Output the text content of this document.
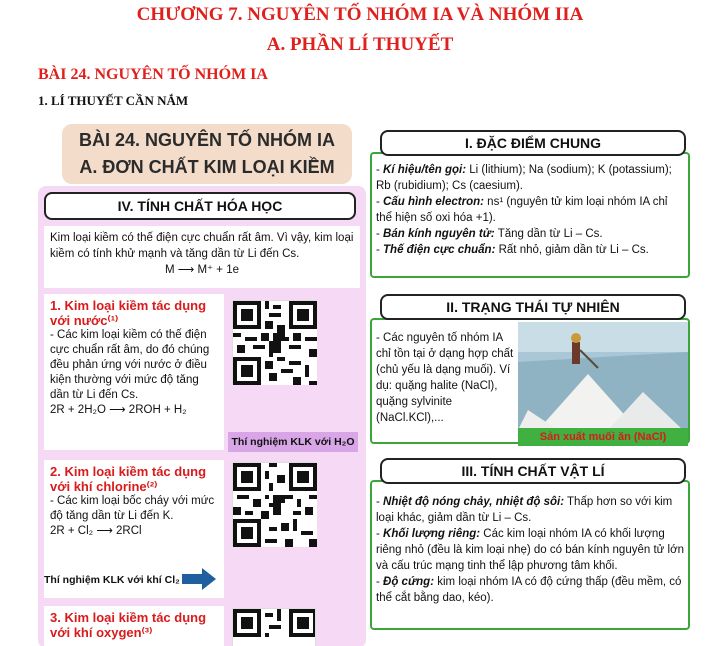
CHƯƠNG 7. NGUYÊN TỐ NHÓM IA VÀ NHÓM IIA
A. PHẦN LÍ THUYẾT
BÀI 24. NGUYÊN TỐ NHÓM IA
1. LÍ THUYẾT CẦN NẮM
BÀI 24. NGUYÊN TỐ NHÓM IA
A. ĐƠN CHẤT KIM LOẠI KIỀM
IV. TÍNH CHẤT HÓA HỌC
Kim loại kiềm có thế điện cực chuẩn rất âm. Vì vậy, kim loại kiềm có tính khử mạnh và tăng dần từ Li đến Cs.
M ⟶ M⁺ + 1e
1. Kim loại kiềm tác dụng với nước⁽¹⁾
- Các kim loại kiềm có thế điện cực chuẩn rất âm, do đó chúng đều phản ứng với nước ở điều kiện thường với mức độ tăng dần từ Li đến Cs.
2R + 2H₂O ⟶ 2ROH + H₂
Thí nghiệm KLK với H₂O
2. Kim loại kiềm tác dụng với khí chlorine⁽²⁾
- Các kim loại bốc cháy với mức độ tăng dần từ Li đến K.
2R + Cl₂ ⟶ 2RCl
Thí nghiệm KLK với khí Cl₂
3. Kim loại kiềm tác dụng với khí oxygen⁽³⁾
I. ĐẶC ĐIỂM CHUNG
- Kí hiệu/tên gọi: Li (lithium); Na (sodium); K (potassium); Rb (rubidium); Cs (caesium).
- Cấu hình electron: ns¹ (nguyên tử kim loại nhóm IA chỉ thể hiện số oxi hóa +1).
- Bán kính nguyên tử: Tăng dần từ Li – Cs.
- Thế điện cực chuẩn: Rất nhỏ, giảm dần từ Li – Cs.
II. TRẠNG THÁI TỰ NHIÊN
- Các nguyên tố nhóm IA chỉ tồn tại ở dạng hợp chất (chủ yếu là dạng muối). Ví dụ: quặng halite (NaCl), quặng sylvinite (NaCl.KCl),...
Sản xuất muối ăn (NaCl)
III. TÍNH CHẤT VẬT LÍ
- Nhiệt độ nóng chảy, nhiệt độ sôi: Thấp hơn so với kim loại khác, giảm dần từ Li – Cs.
- Khối lượng riêng: Các kim loại nhóm IA có khối lượng riêng nhỏ (đều là kim loại nhẹ) do có bán kính nguyên tử lớn và cấu trúc mạng tinh thể lập phương tâm khối.
- Độ cứng: kim loại nhóm IA có độ cứng thấp (đều mềm, có thể cắt bằng dao, kéo).
